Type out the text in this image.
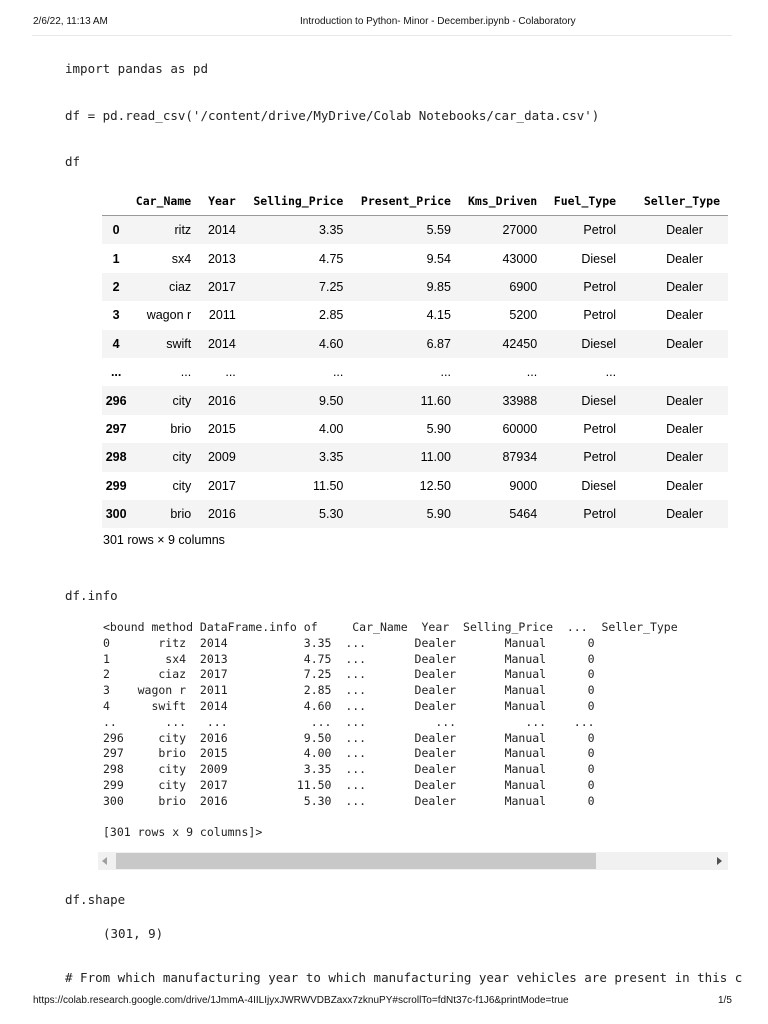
2/6/22, 11:13 AM	Introduction to Python- Minor - December.ipynb - Colaboratory
import pandas as pd
df = pd.read_csv('/content/drive/MyDrive/Colab Notebooks/car_data.csv')
df
	Car_Name	Year	Selling_Price	Present_Price	Kms_Driven	Fuel_Type	Seller_Type
0	ritz	2014	3.35	5.59	27000	Petrol	Dealer
1	sx4	2013	4.75	9.54	43000	Diesel	Dealer
2	ciaz	2017	7.25	9.85	6900	Petrol	Dealer
3	wagon r	2011	2.85	4.15	5200	Petrol	Dealer
4	swift	2014	4.60	6.87	42450	Diesel	Dealer
...	...	...	...	...	...	...	
296	city	2016	9.50	11.60	33988	Diesel	Dealer
297	brio	2015	4.00	5.90	60000	Petrol	Dealer
298	city	2009	3.35	11.00	87934	Petrol	Dealer
299	city	2017	11.50	12.50	9000	Diesel	Dealer
300	brio	2016	5.30	5.90	5464	Petrol	Dealer
301 rows × 9 columns
df.info
<bound method DataFrame.info of     Car_Name  Year  Selling_Price  ...  Seller_Type
0       ritz  2014           3.35  ...       Dealer       Manual      0
1        sx4  2013           4.75  ...       Dealer       Manual      0
2       ciaz  2017           7.25  ...       Dealer       Manual      0
3    wagon r  2011           2.85  ...       Dealer       Manual      0
4      swift  2014           4.60  ...       Dealer       Manual      0
..       ...   ...            ...  ...          ...          ...    ...
296     city  2016           9.50  ...       Dealer       Manual      0
297     brio  2015           4.00  ...       Dealer       Manual      0
298     city  2009           3.35  ...       Dealer       Manual      0
299     city  2017          11.50  ...       Dealer       Manual      0
300     brio  2016           5.30  ...       Dealer       Manual      0

[301 rows x 9 columns]>
df.shape
(301, 9)
# From which manufacturing year to which manufacturing year vehicles are present in this c
https://colab.research.google.com/drive/1JmmA-4IILIjyxJWRWVDBZaxx7zknuPY#scrollTo=fdNt37c-f1J6&printMode=true	1/5
